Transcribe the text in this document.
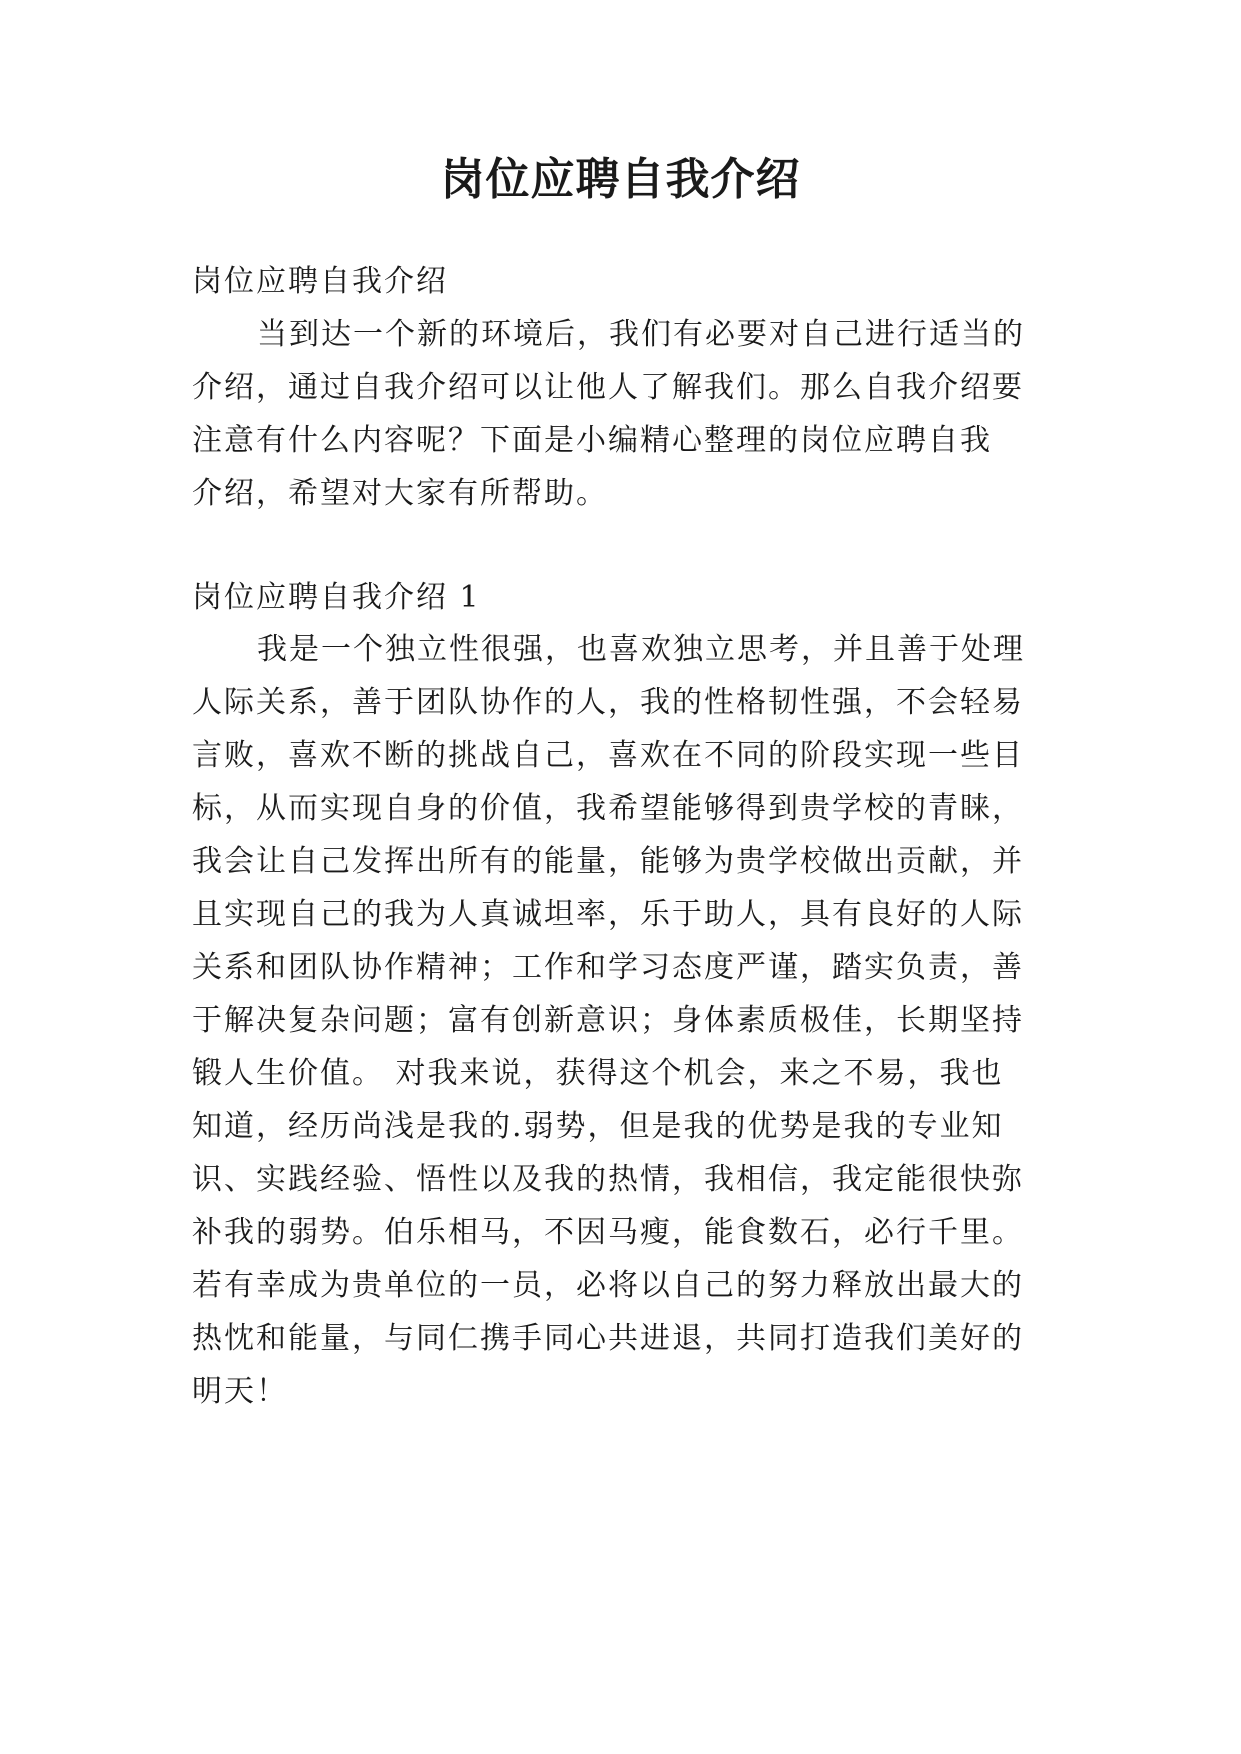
岗位应聘自我介绍

岗位应聘自我介绍

当到达一个新的环境后，我们有必要对自己进行适当的

介绍，通过自我介绍可以让他人了解我们。那么自我介绍要

注意有什么内容呢？下面是小编精心整理的岗位应聘自我

介绍，希望对大家有所帮助。

岗位应聘自我介绍 1

我是一个独立性很强，也喜欢独立思考，并且善于处理

人际关系，善于团队协作的人，我的性格韧性强，不会轻易

言败，喜欢不断的挑战自己，喜欢在不同的阶段实现一些目

标，从而实现自身的价值，我希望能够得到贵学校的青睐，

我会让自己发挥出所有的能量，能够为贵学校做出贡献，并

且实现自己的我为人真诚坦率，乐于助人，具有良好的人际

关系和团队协作精神；工作和学习态度严谨，踏实负责，善

于解决复杂问题；富有创新意识；身体素质极佳，长期坚持

锻人生价值。 对我来说，获得这个机会，来之不易，我也

知道，经历尚浅是我的.弱势，但是我的优势是我的专业知

识、实践经验、悟性以及我的热情，我相信，我定能很快弥

补我的弱势。伯乐相马，不因马瘦，能食数石，必行千里。

若有幸成为贵单位的一员，必将以自己的努力释放出最大的

热忱和能量，与同仁携手同心共进退，共同打造我们美好的

明天！
